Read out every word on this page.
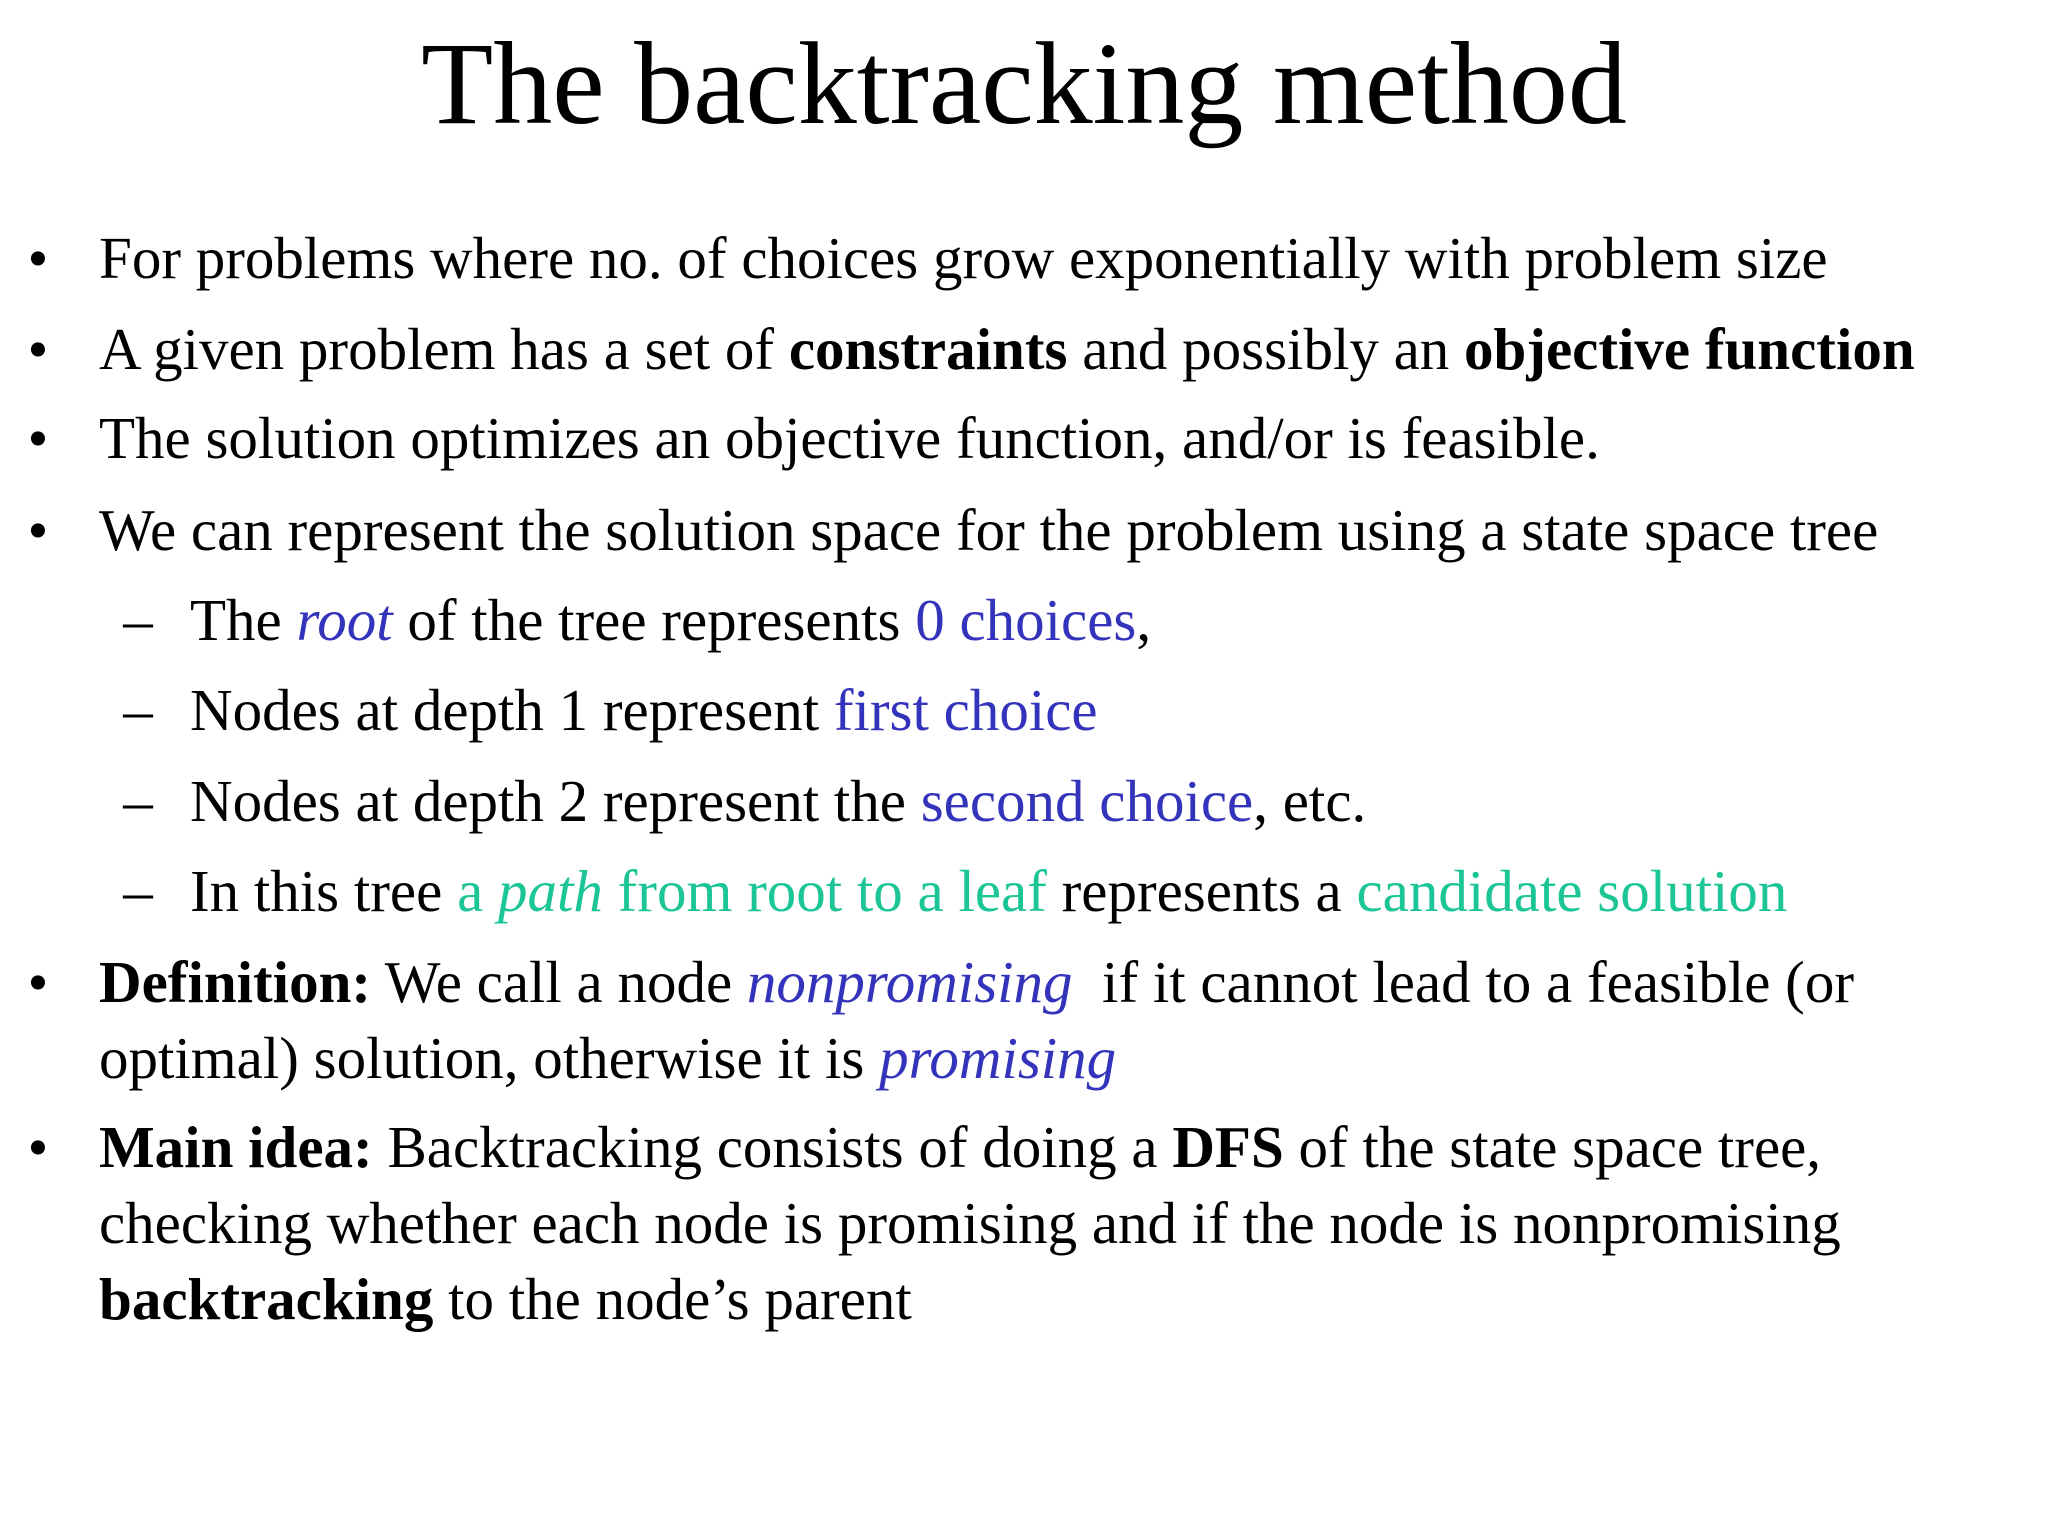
The backtracking method
• For problems where no. of choices grow exponentially with problem size
• A given problem has a set of constraints and possibly an objective function
• The solution optimizes an objective function, and/or is feasible.
• We can represent the solution space for the problem using a state space tree
– The root of the tree represents 0 choices,
– Nodes at depth 1 represent first choice
– Nodes at depth 2 represent the second choice, etc.
– In this tree a path from root to a leaf represents a candidate solution
• Definition: We call a node nonpromising  if it cannot lead to a feasible (or
optimal) solution, otherwise it is promising
• Main idea: Backtracking consists of doing a DFS of the state space tree,
checking whether each node is promising and if the node is nonpromising
backtracking to the node’s parent
